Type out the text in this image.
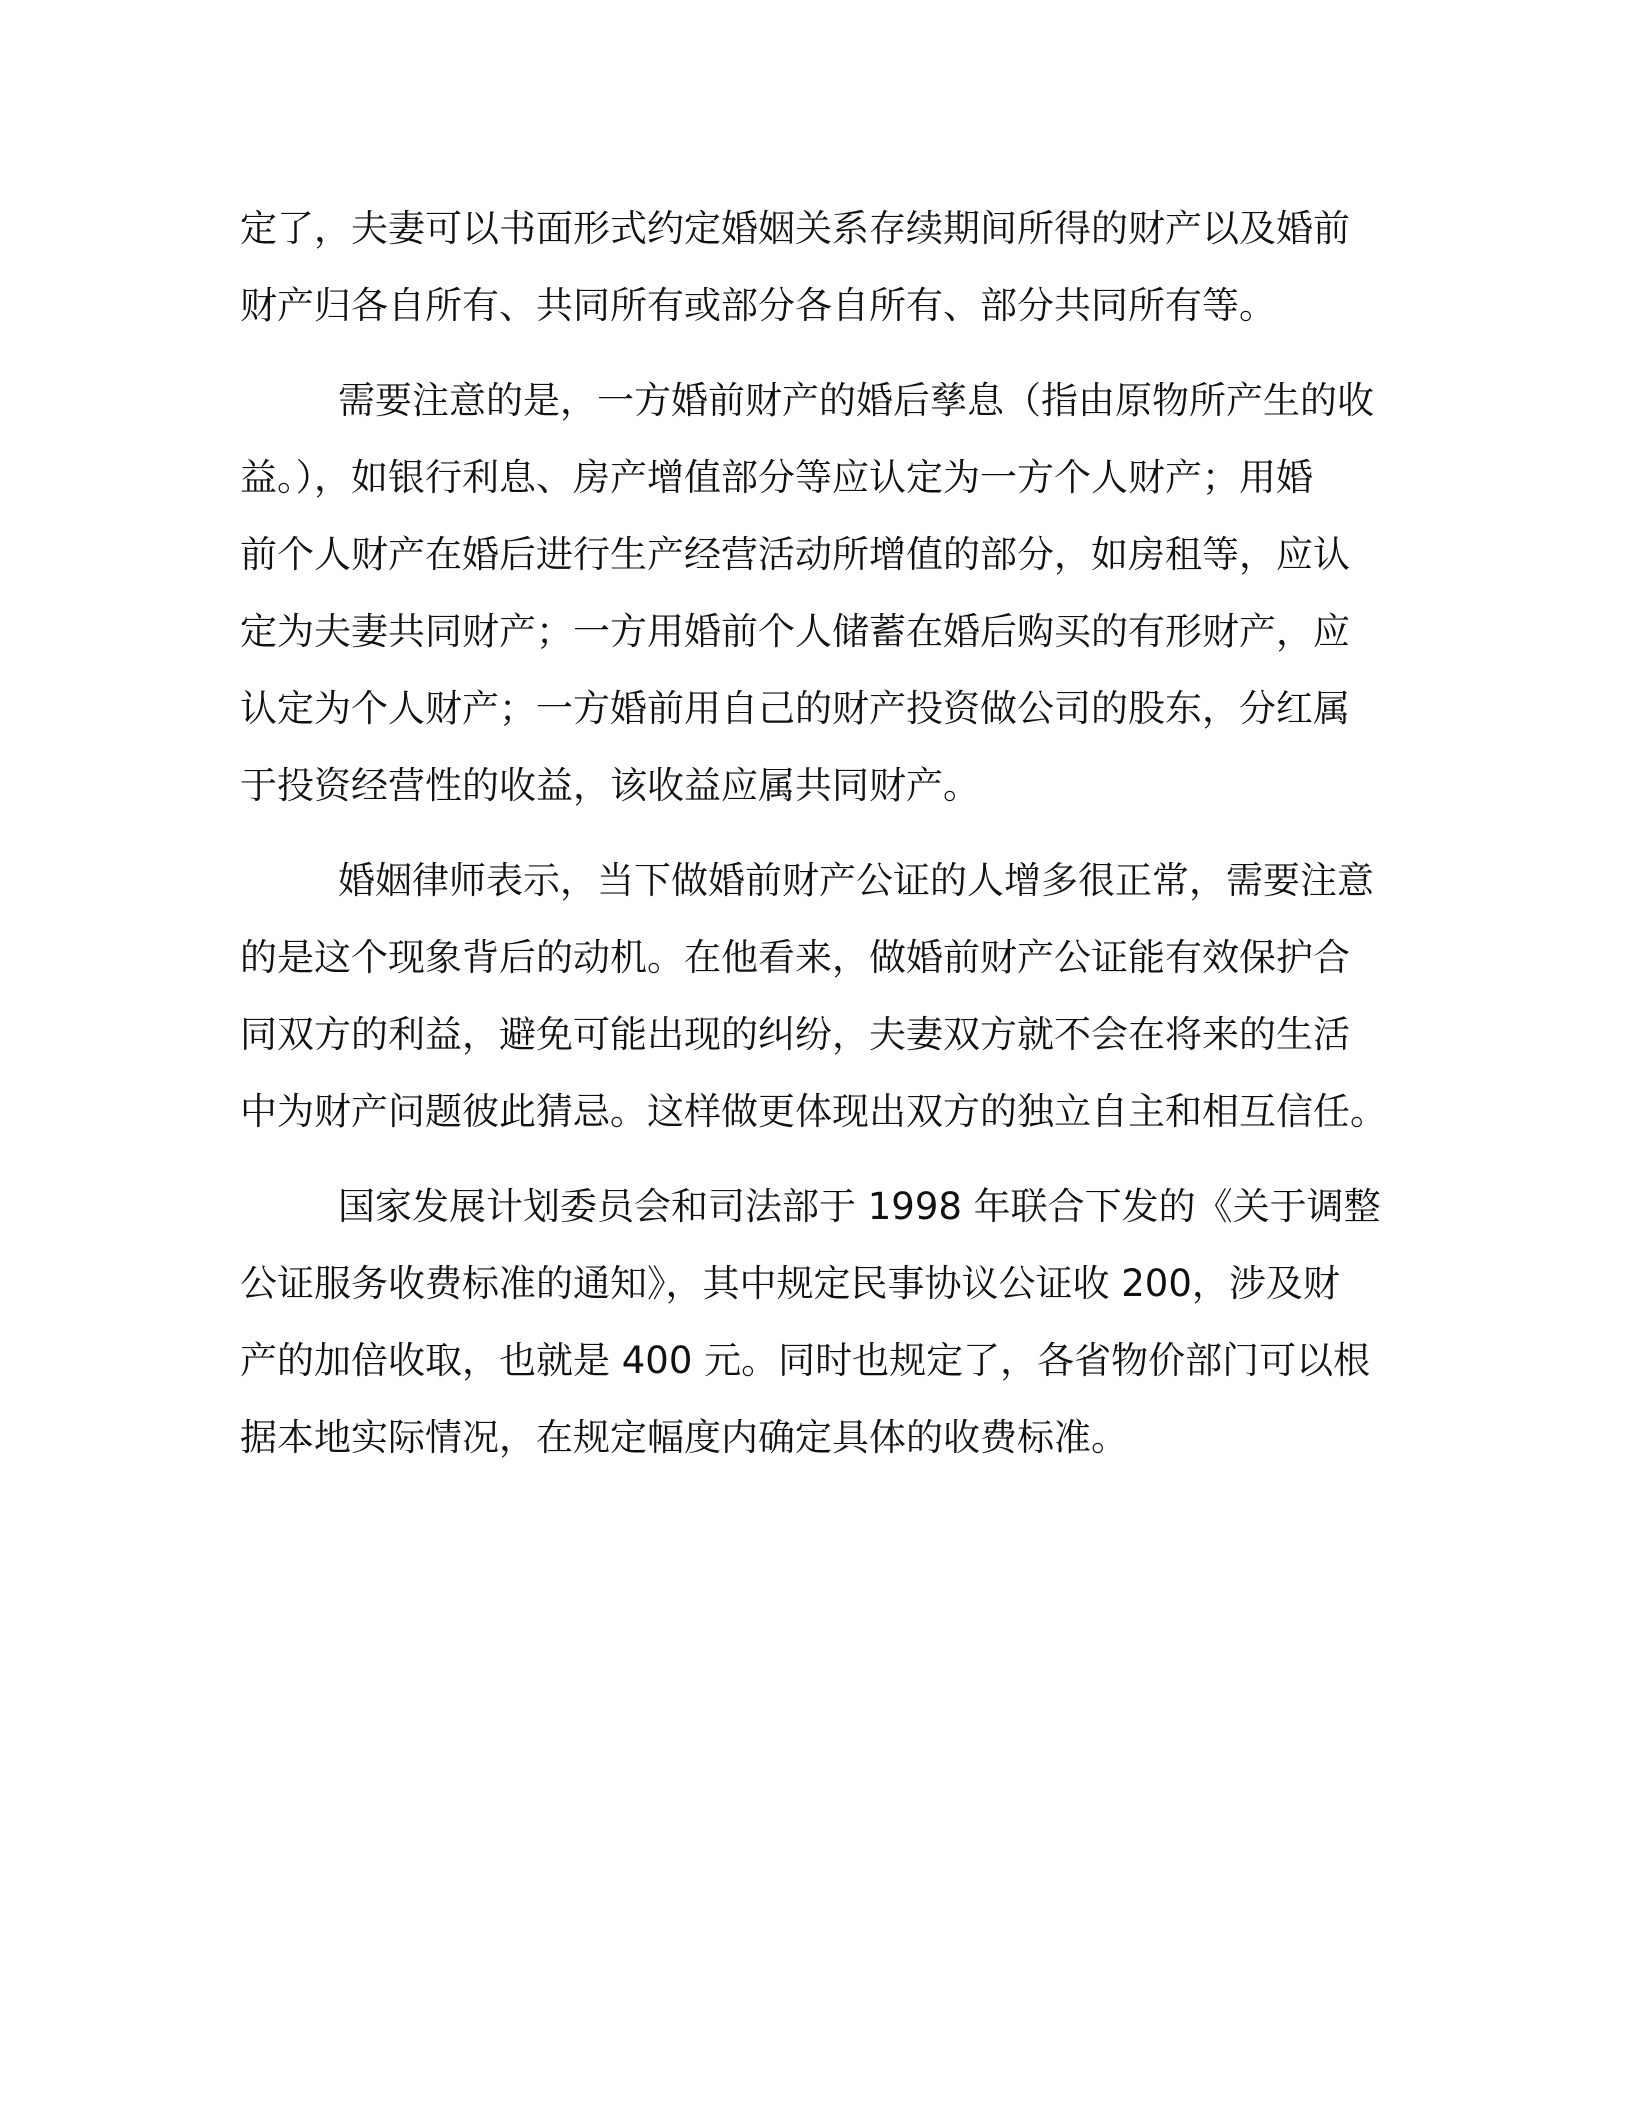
定了，夫妻可以书面形式约定婚姻关系存续期间所得的财产以及婚前
财产归各自所有、共同所有或部分各自所有、部分共同所有等。
需要注意的是，一方婚前财产的婚后孳息（指由原物所产生的收
益。），如银行利息、房产增值部分等应认定为一方个人财产；用婚
前个人财产在婚后进行生产经营活动所增值的部分，如房租等，应认
定为夫妻共同财产；一方用婚前个人储蓄在婚后购买的有形财产，应
认定为个人财产；一方婚前用自己的财产投资做公司的股东，分红属
于投资经营性的收益，该收益应属共同财产。
婚姻律师表示，当下做婚前财产公证的人增多很正常，需要注意
的是这个现象背后的动机。在他看来，做婚前财产公证能有效保护合
同双方的利益，避免可能出现的纠纷，夫妻双方就不会在将来的生活
中为财产问题彼此猜忌。这样做更体现出双方的独立自主和相互信任。
国家发展计划委员会和司法部于 1998 年联合下发的《关于调整
公证服务收费标准的通知》，其中规定民事协议公证收 200，涉及财
产的加倍收取，也就是 400 元。同时也规定了，各省物价部门可以根
据本地实际情况，在规定幅度内确定具体的收费标准。
